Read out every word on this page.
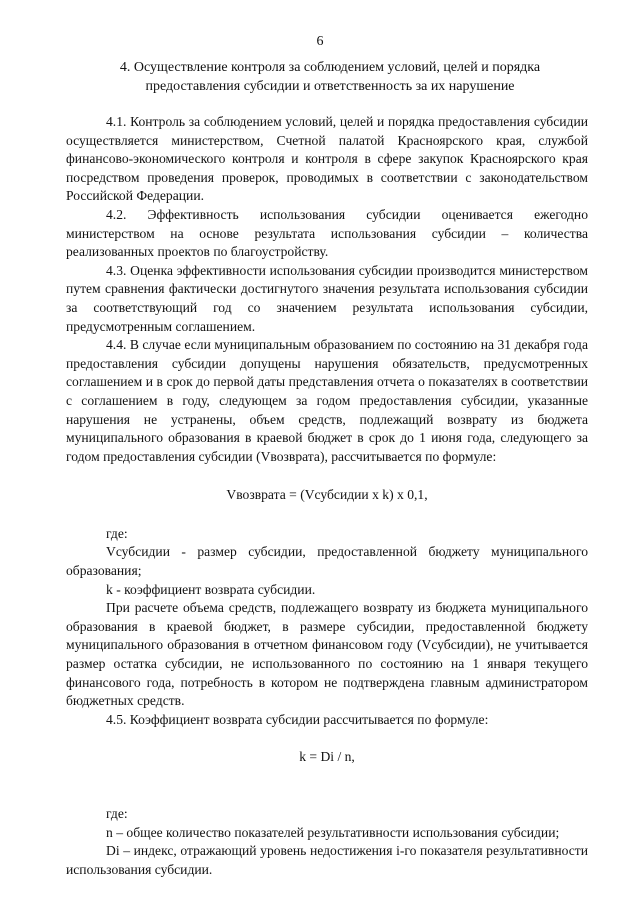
6
4. Осуществление контроля за соблюдением условий, целей и порядка
предоставления субсидии и ответственность за их нарушение

4.1. Контроль за соблюдением условий, целей и порядка предоставления субсидии осуществляется министерством, Счетной палатой Красноярского края, службой финансово-экономического контроля и контроля в сфере закупок Красноярского края посредством проведения проверок, проводимых в соответствии с законодательством Российской Федерации.

4.2. Эффективность использования субсидии оценивается ежегодно министерством на основе результата использования субсидии – количества реализованных проектов по благоустройству.

4.3. Оценка эффективности использования субсидии производится министерством путем сравнения фактически достигнутого значения результата использования субсидии за соответствующий год со значением результата использования субсидии, предусмотренным соглашением.

4.4. В случае если муниципальным образованием по состоянию на 31 декабря года предоставления субсидии допущены нарушения обязательств, предусмотренных соглашением и в срок до первой даты представления отчета о показателях в соответствии с соглашением в году, следующем за годом предоставления субсидии, указанные нарушения не устранены, объем средств, подлежащий возврату из бюджета муниципального образования в краевой бюджет в срок до 1 июня года, следующего за годом предоставления субсидии (Vвозврата), рассчитывается по формуле:

Vвозврата = (Vсубсидии х k) х 0,1,

где:

Vсубсидии - размер субсидии, предоставленной бюджету муниципального образования;

k - коэффициент возврата субсидии.

При расчете объема средств, подлежащего возврату из бюджета муниципального образования в краевой бюджет, в размере субсидии, предоставленной бюджету муниципального образования в отчетном финансовом году (Vсубсидии), не учитывается размер остатка субсидии, не использованного по состоянию на 1 января текущего финансового года, потребность в котором не подтверждена главным администратором бюджетных средств.

4.5. Коэффициент возврата субсидии рассчитывается по формуле:

k = Di / n,

где:

n – общее количество показателей результативности использования субсидии;

Di – индекс, отражающий уровень недостижения i-го показателя результативности использования субсидии.
